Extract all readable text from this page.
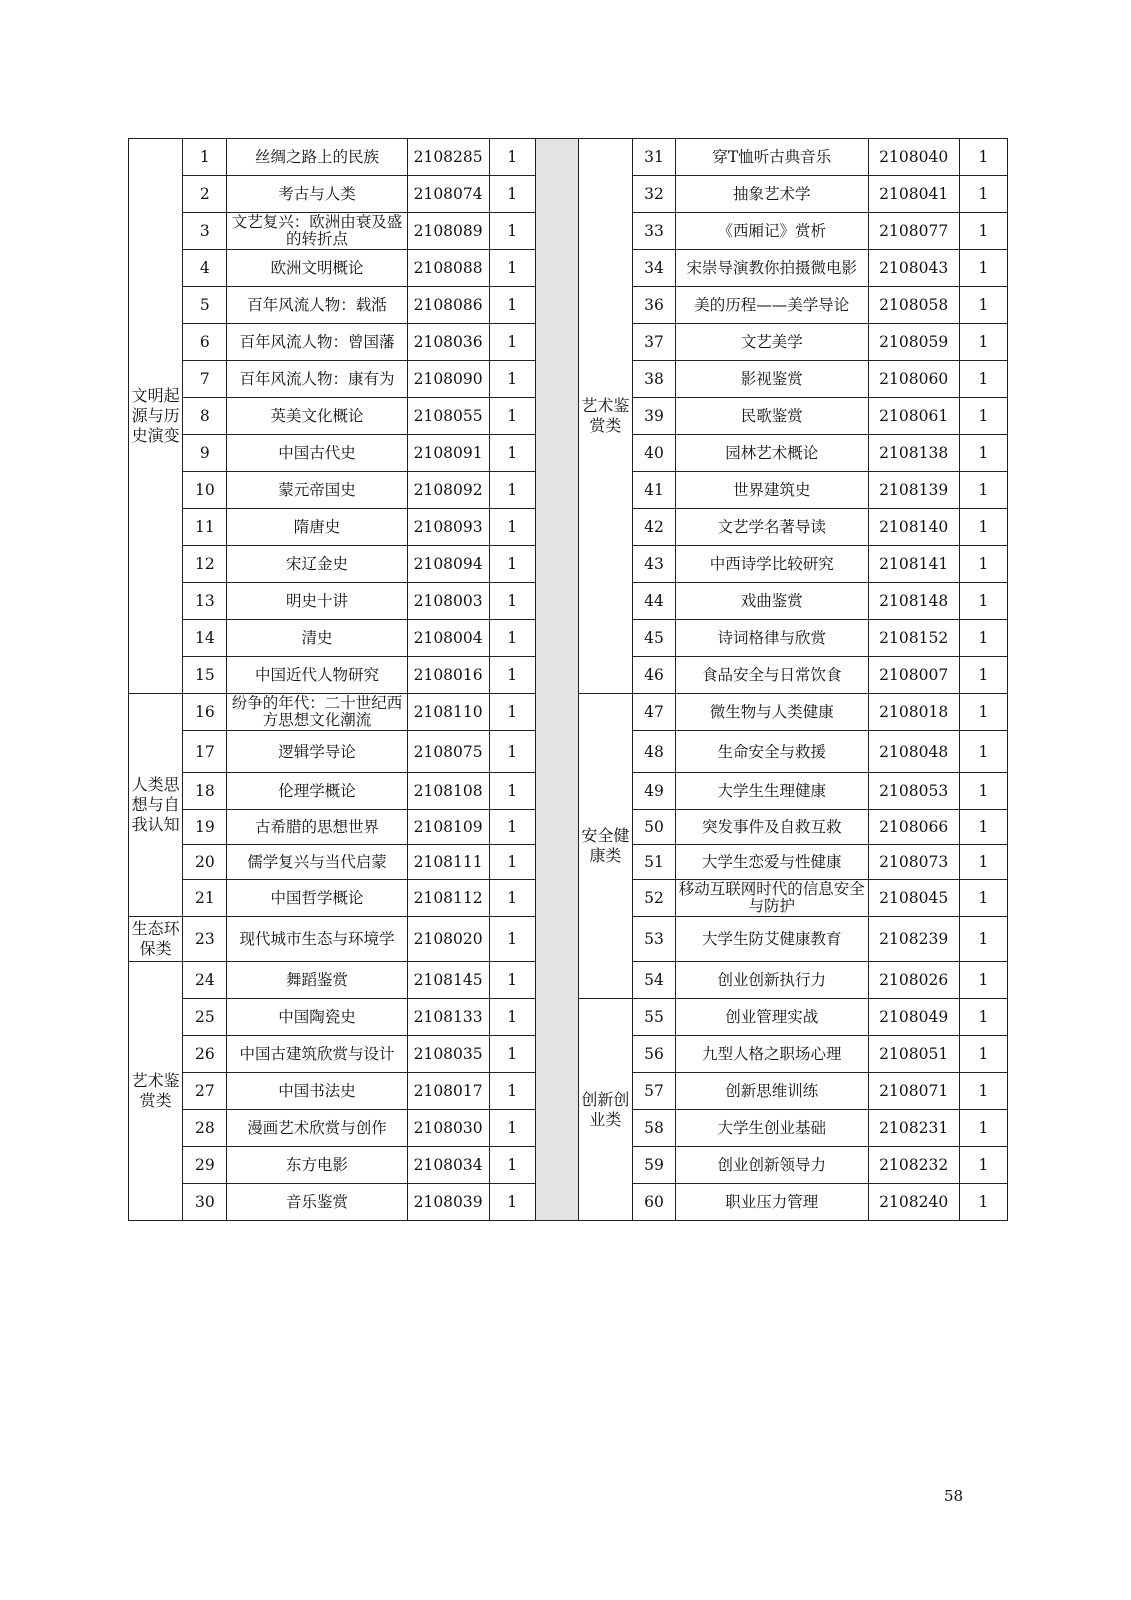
文明起源与历史演变	1	丝绸之路上的民族	2108285	1		艺术鉴赏类	31	穿T恤听古典音乐	2108040	1
	2	考古与人类	2108074	1			32	抽象艺术学	2108041	1
	3	文艺复兴：欧洲由衰及盛的转折点	2108089	1			33	《西厢记》赏析	2108077	1
	4	欧洲文明概论	2108088	1			34	宋崇导演教你拍摄微电影	2108043	1
	5	百年风流人物：载湉	2108086	1			36	美的历程——美学导论	2108058	1
	6	百年风流人物：曾国藩	2108036	1			37	文艺美学	2108059	1
	7	百年风流人物：康有为	2108090	1			38	影视鉴赏	2108060	1
	8	英美文化概论	2108055	1			39	民歌鉴赏	2108061	1
	9	中国古代史	2108091	1			40	园林艺术概论	2108138	1
	10	蒙元帝国史	2108092	1			41	世界建筑史	2108139	1
	11	隋唐史	2108093	1			42	文艺学名著导读	2108140	1
	12	宋辽金史	2108094	1			43	中西诗学比较研究	2108141	1
	13	明史十讲	2108003	1			44	戏曲鉴赏	2108148	1
	14	清史	2108004	1			45	诗词格律与欣赏	2108152	1
	15	中国近代人物研究	2108016	1			46	食品安全与日常饮食	2108007	1
人类思想与自我认知	16	纷争的年代：二十世纪西方思想文化潮流	2108110	1		安全健康类	47	微生物与人类健康	2108018	1
	17	逻辑学导论	2108075	1			48	生命安全与救援	2108048	1
	18	伦理学概论	2108108	1			49	大学生生理健康	2108053	1
	19	古希腊的思想世界	2108109	1			50	突发事件及自救互救	2108066	1
	20	儒学复兴与当代启蒙	2108111	1			51	大学生恋爱与性健康	2108073	1
	21	中国哲学概论	2108112	1			52	移动互联网时代的信息安全与防护	2108045	1
生态环保类	23	现代城市生态与环境学	2108020	1			53	大学生防艾健康教育	2108239	1
艺术鉴赏类	24	舞蹈鉴赏	2108145	1			54	创业创新执行力	2108026	1
	25	中国陶瓷史	2108133	1		创新创业类	55	创业管理实战	2108049	1
	26	中国古建筑欣赏与设计	2108035	1			56	九型人格之职场心理	2108051	1
	27	中国书法史	2108017	1			57	创新思维训练	2108071	1
	28	漫画艺术欣赏与创作	2108030	1			58	大学生创业基础	2108231	1
	29	东方电影	2108034	1			59	创业创新领导力	2108232	1
	30	音乐鉴赏	2108039	1			60	职业压力管理	2108240	1
58
